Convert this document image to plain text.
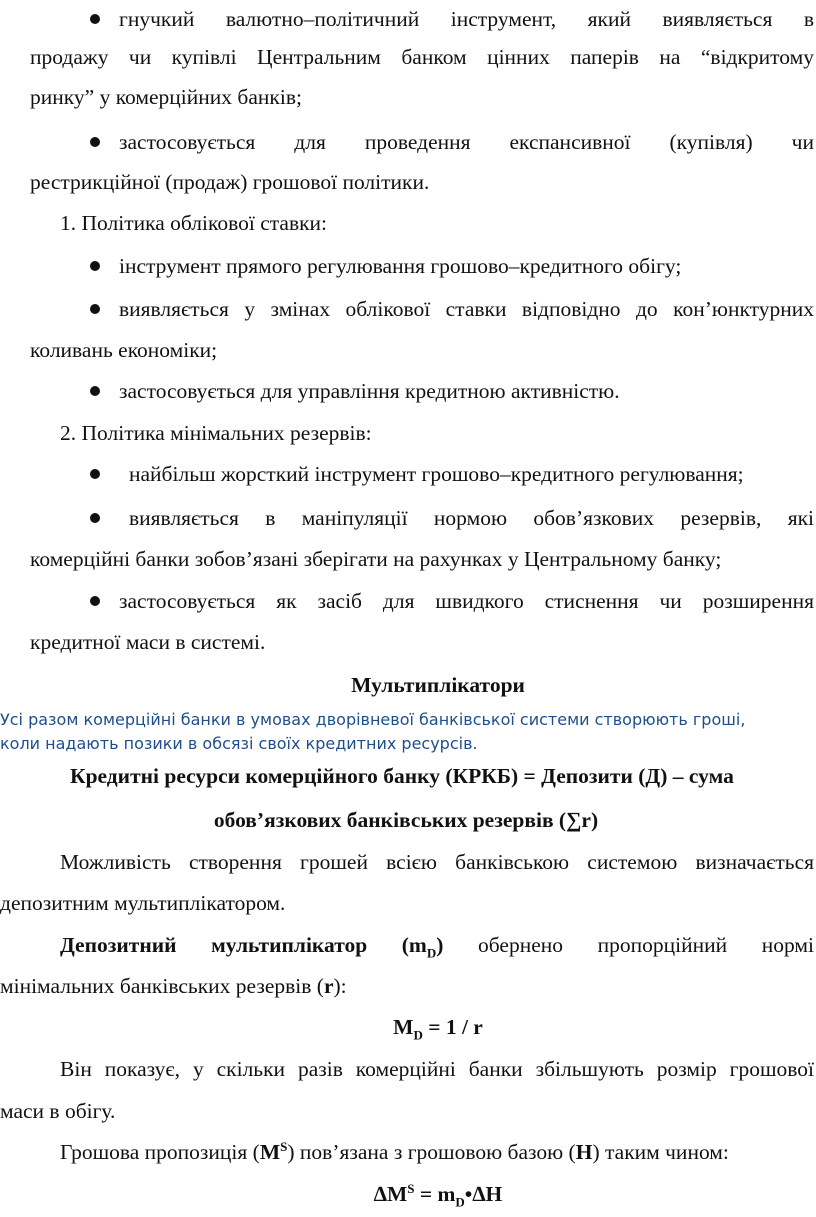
гнучкий валютно–політичний інструмент, який виявляється в
продажу чи купівлі Центральним банком цінних паперів на “відкритому
ринку” у комерційних банків;
застосовується для проведення експансивної (купівля) чи
рестрикційної (продаж) грошової політики.
1. Політика облікової ставки:
інструмент прямого регулювання грошово–кредитного обігу;
виявляється у змінах облікової ставки відповідно до кон’юнктурних
коливань економіки;
застосовується для управління кредитною активністю.
2. Політика мінімальних резервів:
найбільш жорсткий інструмент грошово–кредитного регулювання;
виявляється в маніпуляції нормою обов’язкових резервів, які
комерційні банки зобов’язані зберігати на рахунках у Центральному банку;
застосовується як засіб для швидкого стиснення чи розширення
кредитної маси в системі.
Мультиплікатори
Усі разом комерційні банки в умовах дворівневої банківської системи створюють гроші,
коли надають позики в обсязі своїх кредитних ресурсів.
Кредитні ресурси комерційного банку (КРКБ) = Депозити (Д) – сума
обов’язкових банківських резервів (∑r)
Можливість створення грошей всією банківською системою визначається
депозитним мультиплікатором.
Депозитний мультиплікатор $(m_D)$ обернено пропорційний нормі
мінімальних банківських резервів (r):
$M_D = 1 / r$
Він показує, у скільки разів комерційні банки збільшують розмір грошової
маси в обігу.
Грошова пропозиція $(M^S)$ пов’язана з грошовою базою (Н) таким чином:
$\Delta M^S$ = $m_D•\Delta Н$
